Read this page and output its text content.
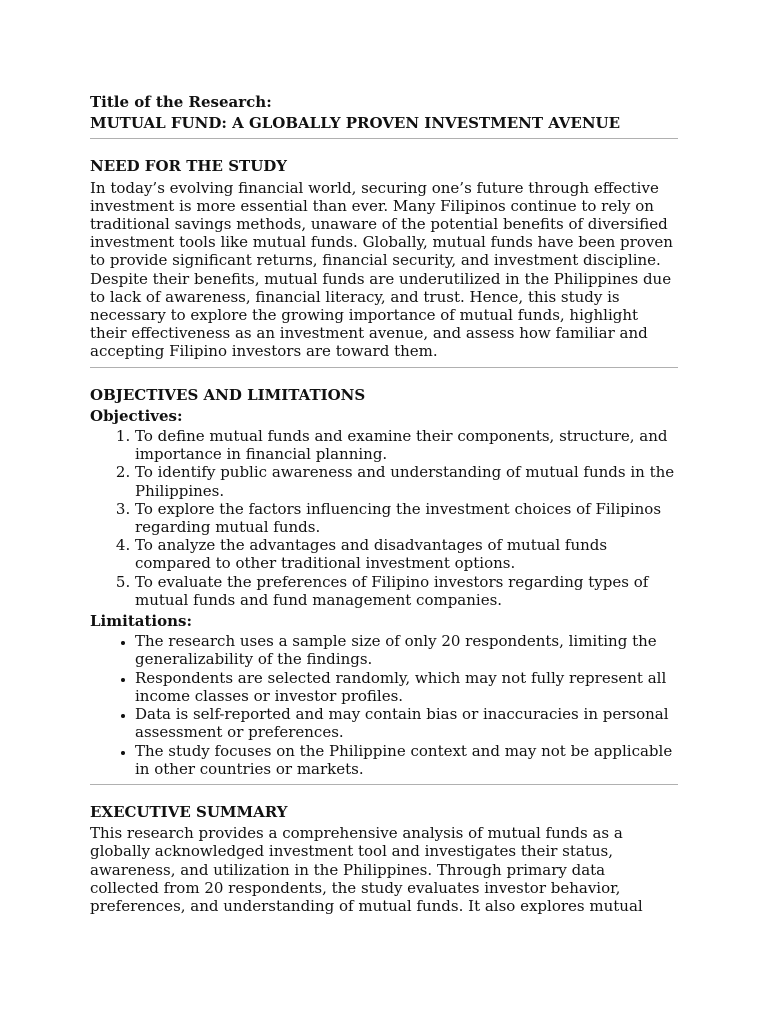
Title of the Research:
MUTUAL FUND: A GLOBALLY PROVEN INVESTMENT AVENUE
NEED FOR THE STUDY

In today’s evolving financial world, securing one’s future through effective investment is more essential than ever. Many Filipinos continue to rely on traditional savings methods, unaware of the potential benefits of diversified investment tools like mutual funds. Globally, mutual funds have been proven to provide significant returns, financial security, and investment discipline. Despite their benefits, mutual funds are underutilized in the Philippines due to lack of awareness, financial literacy, and trust. Hence, this study is necessary to explore the growing importance of mutual funds, highlight their effectiveness as an investment avenue, and assess how familiar and accepting Filipino investors are toward them.

OBJECTIVES AND LIMITATIONS
Objectives:
1. To define mutual funds and examine their components, structure, and importance in financial planning.
2. To identify public awareness and understanding of mutual funds in the Philippines.
3. To explore the factors influencing the investment choices of Filipinos regarding mutual funds.
4. To analyze the advantages and disadvantages of mutual funds compared to other traditional investment options.
5. To evaluate the preferences of Filipino investors regarding types of mutual funds and fund management companies.
Limitations:
• The research uses a sample size of only 20 respondents, limiting the generalizability of the findings.
• Respondents are selected randomly, which may not fully represent all income classes or investor profiles.
• Data is self-reported and may contain bias or inaccuracies in personal assessment or preferences.
• The study focuses on the Philippine context and may not be applicable in other countries or markets.
EXECUTIVE SUMMARY

This research provides a comprehensive analysis of mutual funds as a globally acknowledged investment tool and investigates their status, awareness, and utilization in the Philippines. Through primary data collected from 20 respondents, the study evaluates investor behavior, preferences, and understanding of mutual funds. It also explores mutual
